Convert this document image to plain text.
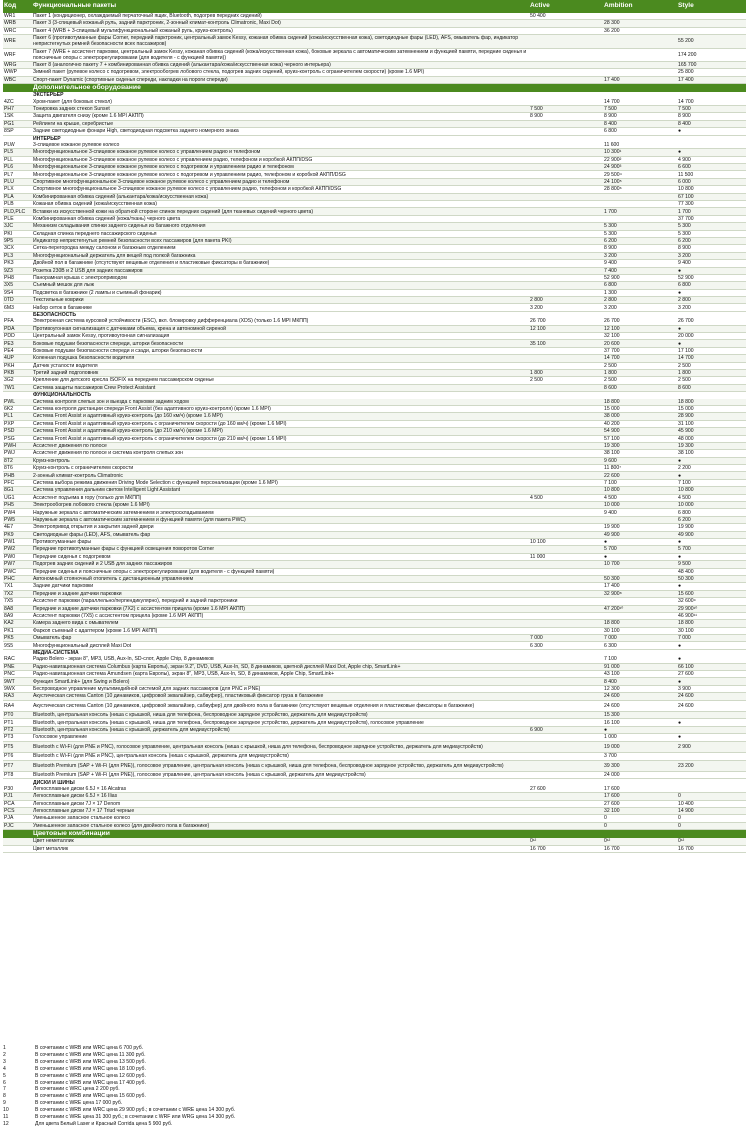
Код	Функциональные пакеты	Active	Ambition	Style
WR1	Пакет 1 (кондиционер, охлаждаемый перчаточный ящик, Bluetooth, подогрев передних сидений)	50 400		
WRB	Пакет 3 (3-спицевый кожаный руль, задний парктроник, 2-зонный климат-контроль Climatronic, Maxi Dot)		28 300	
WRC	Пакет 4 (WRB + 3-спицевый мультифункциональный кожаный руль, круиз-контроль)		36 200	
WRE	Пакет 6 (противотуманные фары Corner, передний парктроник, центральный замок Kessy, кожаная обивка сидений (кожа/искусственная кожа), светодиодные фары (LED), AFS, омыватель фар, индикатор непристегнутых ремней безопасности всех пассажиров)			55 200
WRF	Пакет 7 (WRE + ассистент парковки, центральный замок Kessy, кожаная обивка сидений (кожа/искусственная кожа), боковые зеркала с автоматическим затемнением и функцией памяти, передние сиденья и поясничные опоры с электрорегулировками (для водителя - с функцией памяти))			174 200
WRG	Пакет 8 (аналогично пакету 7 + комбинированная обивка сидений (алькантара/кожа/искусственная кожа) черного интерьера)			165 700
WWP	Зимний пакет (рулевое колесо с подогревом, электрообогрев лобового стекла, подогрев задних сидений, круиз-контроль с ограничителем скорости) (кроме 1.6 MPI)			25 800
WBC	Спорт-пакет Dynamic (спортивные сиденья спереди, накладки на пороги спереди)		17 400	17 400
	Дополнительное оборудование			
	ЭКСТЕРЬЕР			
4ZC	Хром-пакет (для боковых стекол)		14 700	14 700
PH7	Тонировка задних стекол Sunset	7 500	7 500	7 500
1SK	Защита двигателя снизу (кроме 1.6 MPI АКПП)	8 900	8 900	8 900
PG1	Рейлинги на крыше, серебристые		8 400	8 400
8SP	Задние светодиодные фонари High, светодиодная подсветка заднего номерного знака		6 800	●
	ИНТЕРЬЕР			
PLW	3-спицевое кожаное рулевое колесо		11 600	
PL5	Многофункциональное 3-спицевое кожаное рулевое колесо с управлением радио и телефоном		10 300¹	●
PLL	Многофункциональное 3-спицевое кожаное рулевое колесо с управлением радио, телефоном и коробкой АКПП/DSG		22 900²	4 900
PL6	Многофункциональное 3-спицевое кожаное рулевое колесо с подогревом и управлением радио и телефоном		24 900³	6 600
PL7	Многофункциональное 3-спицевое кожаное рулевое колесо с подогревом и управлением радио, телефоном и коробкой АКПП/DSG		29 500⁴	11 500
PLU	Спортивное многофункциональное 3-спицевое кожаное рулевое колесо с управлением радио и телефоном		24 100⁵	6 000
PLX	Спортивное многофункциональное 3-спицевое кожаное рулевое колесо с управлением радио, телефоном и коробкой АКПП/DSG		28 800⁶	10 800
PLA	Комбинированная обивка сидений (алькантара/кожа/искусственная кожа)			67 100
PLB	Кожаная обивка сидений (кожа/искусственная кожа)			77 300
PLD,PLC	Вставки из искусственной кожи на обратной стороне спинок передних сидений (для тканевых сидений черного цвета)		1 700	1 700
PLE	Комбинированная обивка сидений (кожа/ткань) черного цвета			37 700
3JC	Механизм складывания спинки заднего сиденья из багажного отделения		5 300	5 300
PKI	Складная спинка переднего пассажирского сиденья		5 300	5 300
9P5	Индикатор непристегнутых ремней безопасности всех пассажиров (для пакета PKI)		6 200	6 200
3CX	Сетка-перегородка между салоном и багажным отделением		8 900	8 900
PL3	Многофункциональный держатель для вещей под полкой багажника		3 200	3 200
PK3	Двойной пол в багажнике (отсутствуют вещевые отделения и пластиковые фиксаторы в багажнике)		9 400	9 400
9Z3	Розетка 230В и 2 USB для задних пассажиров		7 400	●
PH8	Панорамная крыша с электроприводом		52 900	52 900
3X5	Съемный мешок для лыж		6 800	6 800
9S4	Подсветка в багажнике (2 лампы и съемный фонарик)		1 300	●
0TD	Текстильные коврики	2 800	2 800	2 800
6M3	Набор сеток в багажнике	3 200	3 200	3 200
	БЕЗОПАСНОСТЬ			
PFA	Электронная система курсовой устойчивости (ESC), вкл. блокировку дифференциала (XDS) (только 1.6 MPI МКПП)	26 700	26 700	26 700
PDA	Противоугонная сигнализация с датчиками объема, крена и автономной сиреной	12 100	12 100	●
PDD	Центральный замок Kessy, противоугонная сигнализация		32 100	20 000
PE3	Боковые подушки безопасности спереди, шторки безопасности	35 100	20 600	●
PE4	Боковые подушки безопасности спереди и сзади, шторки безопасности		37 700	17 100
4UP	Коленная подушка безопасности водителя		14 700	14 700
PKH	Датчик усталости водителя		2 500	2 500
PKB	Третий задний подголовник	1 800	1 800	1 800
3G2	Крепление для детского кресла ISOFIX на переднем пассажирском сиденье	2 500	2 500	2 500
7W1	Система защиты пассажиров Crew Protect Assistant		8 600	8 600
	ФУНКЦИОНАЛЬНОСТЬ			
PWL	Система контроля слепых зон и выезда с парковки задним ходом		18 800	18 800
6K2	Система контроля дистанции спереди Front Assist (без адаптивного круиз-контроля) (кроме 1.6 MPI)		15 000	15 000
PL1	Система Front Assist и адаптивный круиз-контроль (до 160 км/ч) (кроме 1.6 MPI)		38 000	28 900
PXP	Система Front Assist и адаптивный круиз-контроль с ограничителем скорости (до 160 км/ч) (кроме 1.6 MPI)		40 200	31 100
PSD	Система Front Assist и адаптивный круиз-контроль (до 210 км/ч) (кроме 1.6 MPI)		54 900	45 900
PSG	Система Front Assist и адаптивный круиз-контроль с ограничителем скорости (до 210 км/ч) (кроме 1.6 MPI)		57 100	48 000
PWH	Ассистент движения по полосе		19 300	19 300
PWJ	Ассистент движения по полосе и система контроля слепых зон		38 100	38 100
8T2	Круиз-контроль		9 600	●
8T6	Круиз-контроль с ограничителем скорости		11 800⁷	2 200
PHB	2-зонный климат-контроль Climatronic		22 600	●
PFC	Система выбора режима движения Driving Mode Selection с функцией персонализации (кроме 1.6 MPI)		7 100	7 100
8G1	Система управления дальним светом Intelligent Light Assistant		10 800	10 800
UG1	Ассистент подъема в гору (только для МКПП)	4 500	4 500	4 500
PH5	Электрообогрев лобового стекла (кроме 1.6 MPI)		10 000	10 000
PW4	Наружные зеркала с автоматическим затемнением и электроскладыванием		9 400	6 800
PW5	Наружные зеркала с автоматическим затемнением и функцией памяти (для пакета PWC)			6 200
4E7	Электропривод открытия и закрытия задней двери		19 900	19 900
PK9	Светодиодные фары (LED), AFS, омыватель фар		49 900	49 900
PW1	Противотуманные фары	10 100	●	●
PW2	Передние противотуманные фары с функцией освещения поворотов Corner		5 700	5 700
PW0	Передние сиденья с подогревом	11 000	●	●
PW7	Подогрев задних сидений и 2 USB для задних пассажиров		10 700	9 500
PWC	Передние сиденья и поясничные опоры с электрорегулировками (для водителя - с функцией памяти)			48 400
PHC	Автономный стояночный отопитель с дистанционным управлением		50 300	50 300
7X1	Задние датчики парковки		17 400	●
7X2	Передние и задние датчики парковки		32 900⁸	15 600
7X5	Ассистент парковки (параллельно/перпендикулярно), передний и задний парктроники			32 600⁹
8A8	Передние и задние датчики парковки (7X2) с ассистентом прицела (кроме 1.6 MPI АКПП)		47 200¹⁰	29 900¹⁰
8A9	Ассистент парковки (7X5) с ассистентом прицела (кроме 1.6 MPI АКПП)			46 900¹¹
KA2	Камера заднего вида с омывателем		18 800	18 800
PK1	Фаркоп съемный с адаптером (кроме 1.6 MPI АКПП)		30 100	30 100
PK5	Омыватель фар	7 000	7 000	7 000
9S5	Многофункциональный дисплей Maxi Dot	6 300	6 300	●
	МЕДИА-СИСТЕМА			
RAC	Радио Bolero - экран 8", MP3, USB, Aux-In, SD-слот, Apple Chip, 8 динамиков		7 100	●
PNE	Радио-навигационная система Columbus (карта Европы), экран 9.2", DVD, USB, Aux-In, SD, 8 динамиков, цветной дисплей Maxi Dot, Apple chip, SmartLink+		91 000	66 100
PNC	Радио-навигационная система Amundsen (карта Европы), экран 8", MP3, USB, Aux-In, SD, 8 динамиков, Apple Chip, SmartLink+		43 100	27 600
9WT	Функция SmartLink+ (для Swing и Bolero)		8 400	●
9WX	Беспроводное управление мультимедийной системой для задних пассажиров (для PNC и PNE)		12 300	3 900
RA3	Акустическая система Canton (10 динамиков, цифровой эквалайзер, сабвуфер), пластиковый фиксатор груза в багажнике		24 600	24 600
RA4	Акустическая система Canton (10 динамиков, цифровой эквалайзер, сабвуфер) для двойного пола в багажнике (отсутствуют вещевые отделения и пластиковые фиксаторы в багажнике)		24 600	24 600
PT0	Bluetooth, центральная консоль (ниша с крышкой, ниша для телефона, беспроводное зарядное устройство, держатель для медиаустройств)		15 300	
PT1	Bluetooth, центральная консоль (ниша с крышкой, ниша для телефона, беспроводное зарядное устройство, держатель для медиаустройств), голосовое управление		16 100	●
PT2	Bluetooth, центральная консоль (ниша с крышкой, держатель для медиаустройств)	6 900	●	
PT3	Голосовое управление		1 000	●
PT5	Bluetooth с Wi-Fi (для PNE и PNC), голосовое управление, центральная консоль (ниша с крышкой, ниша для телефона, беспроводное зарядное устройство, держатель для медиаустройств)		19 000	2 900
PT6	Bluetooth с Wi-Fi (для PNE и PNC), центральная консоль (ниша с крышкой, держатель для медиаустройств)		3 700	
PT7	Bluetooth Premium (SAP + Wi-Fi (для PNE)), голосовое управление, центральная консоль (ниша с крышкой, ниша для телефона, беспроводное зарядное устройство, держатель для медиаустройств)		39 300	23 200
PT8	Bluetooth Premium (SAP + Wi-Fi (для PNE)), голосовое управление, центральная консоль (ниша с крышкой, держатель для медиаустройств)		24 000	
	ДИСКИ И ШИНЫ			
P30	Легкосплавные диски 6.5J × 16 Alcatras	27 600	17 600	
PJ1	Легкосплавные диски 6.5J × 16 Ilias		17 600	0
PCA	Легкосплавные диски 7J × 17 Denom		27 600	10 400
PCS	Легкосплавные диски 7J × 17 Triud черные		32 100	14 900
PJA	Уменьшенное запасное стальное колесо		0	0
PJC	Уменьшенное запасное стальное колесо (для двойного пола в багажнике)		0	0
	Цветовые комбинации			
	Цвет неметаллик	0¹²	0¹²	0¹²
	Цвет металлик	16 700	16 700	16 700
1	В сочетании с WRB или WRC цена 6 700 руб.
2	В сочетании с WRB или WRC цена 11 300 руб.
3	В сочетании с WRB или WRC цена 13 500 руб.
4	В сочетании с WRB или WRC цена 18 100 руб.
5	В сочетании с WRB или WRC цена 12 600 руб.
6	В сочетании с WRB или WRC цена 17 400 руб.
7	В сочетании с WRC цена 2 200 руб.
8	В сочетании с WRB или WRC цена 15 600 руб.
9	В сочетании с WRE цена 17 000 руб.
10	В сочетании с WRB или WRC цена 29 900 руб.; в сочетании с WRE цена 14 300 руб.
11	В сочетании с WRE цена 31 300 руб.; в сочетании с WRF или WRG цена 14 300 руб.
12	Для цвета Белый Laser и Красный Corrida цена 5 900 руб.
